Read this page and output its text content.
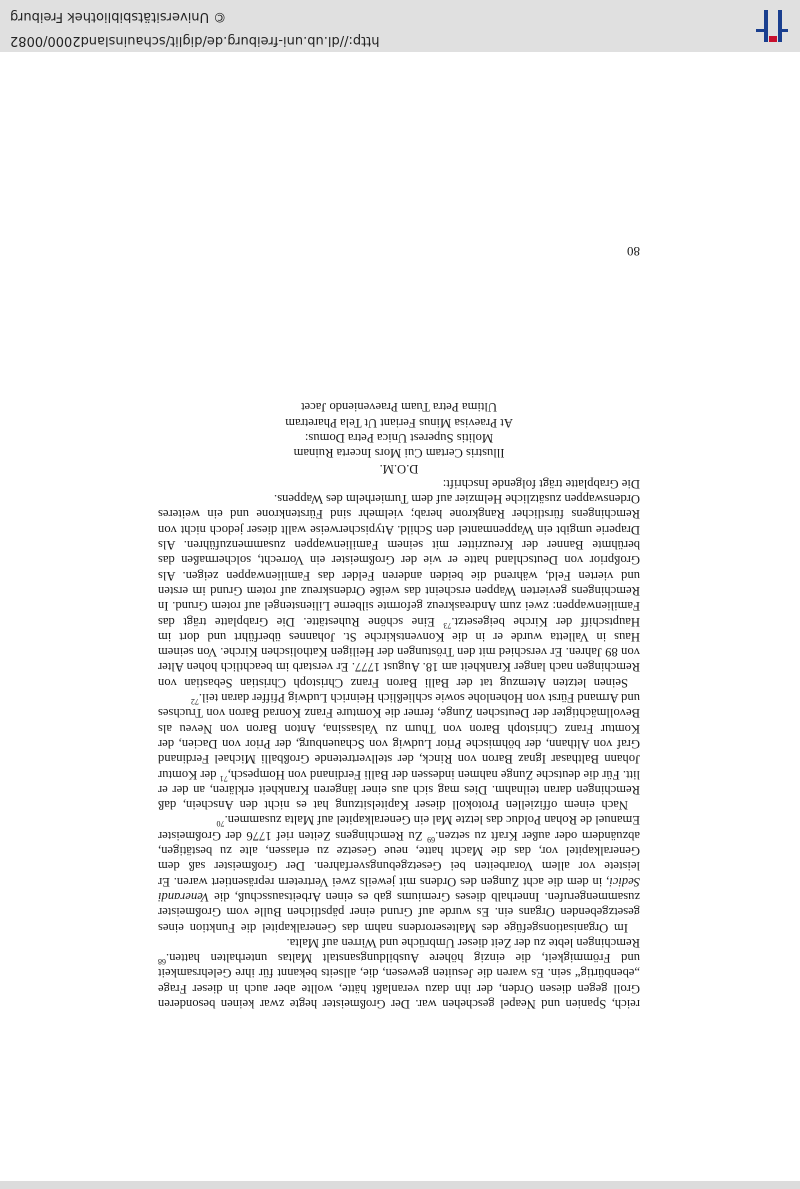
reich, Spanien und Neapel geschehen war. Der Großmeister hegte zwar keinen besonderen Groll gegen diesen Orden, der ihn dazu veranlaßt hätte, wollte aber auch in dieser Frage „ebenbürtig“ sein. Es waren die Jesuiten gewesen, die, allseits bekannt für ihre Gelehrsamkeit und Frömmigkeit, die einzig höhere Ausbildungsanstalt Maltas unterhalten hatten.$^{68}$ Remchingen lebte zu der Zeit dieser Umbrüche und Wirren auf Malta.

Im Organisationsgefüge des Malteserordens nahm das Generalkapitel die Funktion eines gesetzgebenden Organs ein. Es wurde auf Grund einer päpstlichen Bulle vom Großmeister zusammengerufen. Innerhalb dieses Gremiums gab es einen Arbeitsausschuß, die Venerandi Sedici, in dem die acht Zungen des Ordens mit jeweils zwei Vertretern repräsentiert waren. Er leistete vor allem Vorarbeiten bei Gesetzgebungsverfahren. Der Großmeister saß dem Generalkapitel vor, das die Macht hatte, neue Gesetze zu erlassen, alte zu bestätigen, abzuändern oder außer Kraft zu setzen.$^{69}$ Zu Remchingens Zeiten rief 1776 der Großmeister Emanuel de Rohan Polduc das letzte Mal ein Generalkapitel auf Malta zusammen.$^{70}$

Nach einem offiziellen Protokoll dieser Kapitelsitzung hat es nicht den Anschein, daß Remchingen daran teilnahm. Dies mag sich aus einer längeren Krankheit erklären, an der er litt. Für die deutsche Zunge nahmen indessen der Balli Ferdinand von Hompesch,$^{71}$ der Komtur Johann Balthasar Ignaz Baron von Rinck, der stellvertretende Großballi Michael Ferdinand Graf von Althann, der böhmische Prior Ludwig von Schauenburg, der Prior von Dacien, der Komtur Franz Christoph Baron von Thurn zu Valsassina, Anton Baron von Neveu als Bevollmächtigter der Deutschen Zunge, ferner die Komture Franz Konrad Baron von Truchses und Armand Fürst von Hohenlohe sowie schließlich Heinrich Ludwig Pfiffer daran teil.$^{72}$

Seinen letzten Atemzug tat der Balli Baron Franz Christoph Christian Sebastian von Remchingen nach langer Krankheit am 18. August 1777. Er verstarb im beachtlich hohen Alter von 89 Jahren. Er verschied mit den Tröstungen der Heiligen Katholischen Kirche. Von seinem Haus in Valletta wurde er in die Konventskirche St. Johannes überführt und dort im Hauptschiff der Kirche beigesetzt.$^{73}$ Eine schöne Ruhestätte. Die Grabplatte trägt das Familienwappen: zwei zum Andreaskreuz geformte silberne Lilienstengel auf rotem Grund. In Remchingens gevierten Wappen erscheint das weiße Ordenskreuz auf rotem Grund im ersten und vierten Feld, während die beiden anderen Felder das Familienwappen zeigen. Als Großprior von Deutschland hatte er wie der Großmeister ein Vorrecht, solchermaßen das berühmte Banner der Kreuzritter mit seinem Familienwappen zusammenzuführen. Als Draperie umgibt ein Wappenmantel den Schild. Atypischerweise wallt dieser jedoch nicht von Remchingens fürstlicher Rangkrone herab; vielmehr sind Fürstenkrone und ein weiteres Ordenswappen zusätzliche Helmzier auf dem Turnierhelm des Wappens.

Die Grabplatte trägt folgende Inschrift:

D.O.M.
Illustris Certam Cui Mors Incerta Ruinam
Molitis Superest Unica Petra Domus:
At Praevisa Minus Feriant Ut Tela Pharetram
Ultima Petra Tuam Praeveniendo Jacet
80
http://dl.ub.uni-freiburg.de/diglit/schauinsland2000/0082
© Universitätsbibliothek Freiburg
